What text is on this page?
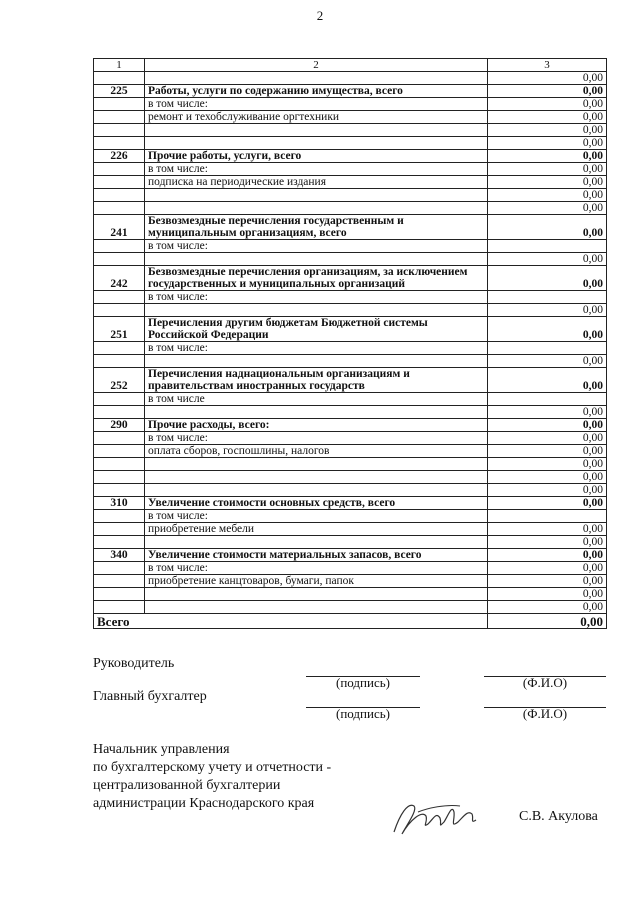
2
1	2	3
		0,00
225	Работы, услуги по содержанию имущества, всего	0,00
	в том числе:	0,00
	ремонт и техобслуживание оргтехники	0,00
		0,00
		0,00
226	Прочие работы, услуги, всего	0,00
	в том числе:	0,00
	подписка на периодические издания	0,00
		0,00
		0,00
241	Безвозмездные перечисления государственным и муниципальным организациям, всего	0,00
	в том числе:	
		0,00
242	Безвозмездные перечисления организациям, за исключением государственных и муниципальных организаций	0,00
	в том числе:	
		0,00
251	Перечисления другим бюджетам Бюджетной системы Российской Федерации	0,00
	в том числе:	
		0,00
252	Перечисления наднациональным организациям и правительствам иностранных государств	0,00
	в том числе	
		0,00
290	Прочие расходы, всего:	0,00
	в том числе:	0,00
	оплата сборов, госпошлины, налогов	0,00
		0,00
		0,00
		0,00
310	Увеличение стоимости основных средств, всего	0,00
	в том числе:	
	приобретение мебели	0,00
		0,00
340	Увеличение стоимости материальных запасов, всего	0,00
	в том числе:	0,00
	приобретение канцтоваров, бумаги, папок	0,00
		0,00
		0,00
Всего		0,00
Руководитель
(подпись)	(Ф.И.О)
Главный бухгалтер
(подпись)	(Ф.И.О)
Начальник управления
по бухгалтерскому учету и отчетности -
централизованной бухгалтерии
администрации Краснодарского края
С.В. Акулова
